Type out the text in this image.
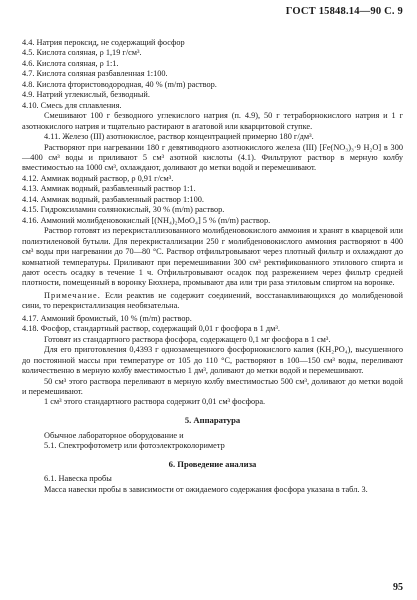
ГОСТ 15848.14—90 С. 9
4.4. Натрия пероксид, не содержащий фосфор
4.5. Кислота соляная, ρ 1,19 г/см³.
4.6. Кислота соляная, ρ 1:1.
4.7. Кислота соляная разбавленная 1:100.
4.8. Кислота фтористоводородная, 40 % (m/m) раствор.
4.9. Натрий углекислый, безводный.
4.10. Смесь для сплавления.

Смешивают 100 г безводного углекислого натрия (п. 4.9), 50 г тетраборнокислого натрия и 1 г азотнокислого натрия и тщательно растирают в агатовой или кварцитовой ступке.

4.11. Железо (III) азотнокислое, раствор концентрацией примерно 180 г/дм³.

Растворяют при нагревании 180 г девятиводного азотнокислого железа (III) [Fe(NO₃)₃·9 H₂O] в 300—400 см³ воды и приливают 5 см³ азотной кислоты (4.1). Фильтруют раствор в мерную колбу вместимостью на 1000 см³, охлаждают, доливают до метки водой и перемешивают.

4.12. Аммиак водный раствор, ρ 0,91 г/см³.
4.13. Аммиак водный, разбавленный раствор 1:1.
4.14. Аммиак водный, разбавленный раствор 1:100.
4.15. Гидроксиламин солянокислый, 30 % (m/m) раствор.
4.16. Аммоний молибденовокислый [(NH₄)₂MoO₄] 5 % (m/m) раствор.

Раствор готовят из перекристаллизованного молибденовокислого аммония и хранят в кварцевой или полиэтиленовой бутыли. Для перекристаллизации 250 г молибденовокислого аммония растворяют в 400 см³ воды при нагревании до 70—80 °С. Раствор отфильтровывают через плотный фильтр и охлаждают до комнатной температуры. Приливают при перемешивании 300 см³ ректификованного этилового спирта и дают осесть осадку в течение 1 ч. Отфильтровывают осадок под разрежением через фильтр средней плотности, помещенный в воронку Бюхнера, промывают два или три раза этиловым спиртом на воронке.

Примечание. Если реактив не содержит соединений, восстанавливающихся до молибденовой сини, то перекристаллизация необязательна.

4.17. Аммоний бромистый, 10 % (m/m) раствор.
4.18. Фосфор, стандартный раствор, содержащий 0,01 г фосфора в 1 дм³.

Готовят из стандартного раствора фосфора, содержащего 0,1 мг фосфора в 1 см³.

Для его приготовления 0,4393 г однозамещенного фосфорнокислого калия (KH₂PO₄), высушенного до постоянной массы при температуре от 105 до 110 °С, растворяют в 100—150 см³ воды, переливают количественно в мерную колбу вместимостью 1 дм³, доливают до метки водой и перемешивают.

50 см³ этого раствора переливают в мерную колбу вместимостью 500 см³, доливают до метки водой и перемешивают.

1 см³ этого стандартного раствора содержит 0,01 см³ фосфора.

5. Аппаратура
Обычное лабораторное оборудование и
5.1. Спектрофотометр или фотоэлектроколориметр
6. Проведение анализа
6.1. Навеска пробы

Масса навески пробы в зависимости от ожидаемого содержания фосфора указана в табл. 3.

95
